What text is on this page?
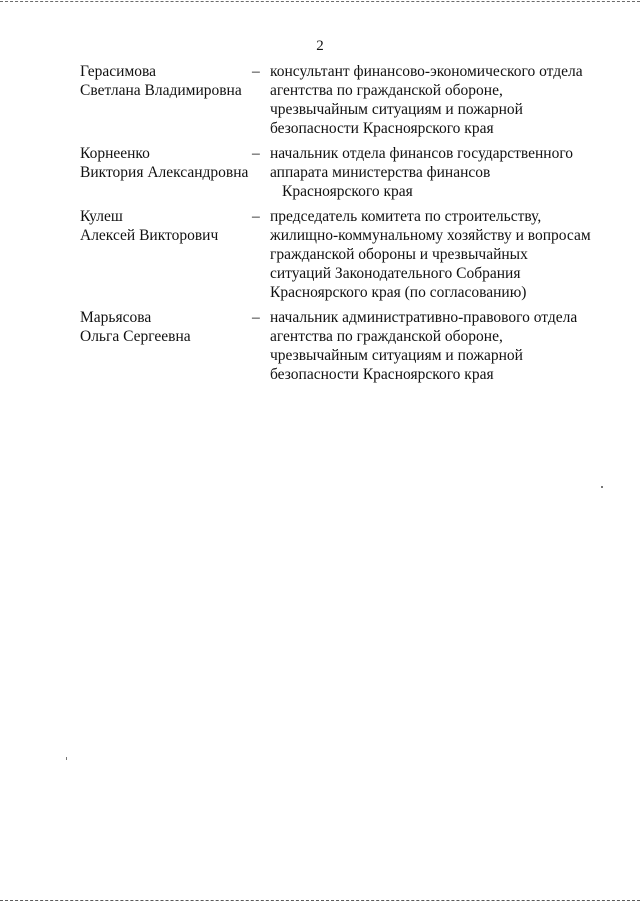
2
Герасимова
Светлана Владимировна
– консультант финансово-экономического отдела
агентства по гражданской обороне,
чрезвычайным ситуациям и пожарной
безопасности Красноярского края
Корнеенко
Виктория Александровна
– начальник отдела финансов государственного
аппарата министерства финансов
Красноярского края
Кулеш
Алексей Викторович
– председатель комитета по строительству,
жилищно-коммунальному хозяйству и вопросам
гражданской обороны и чрезвычайных
ситуаций Законодательного Собрания
Красноярского края (по согласованию)
Марьясова
Ольга Сергеевна
– начальник административно-правового отдела
агентства по гражданской обороне,
чрезвычайным ситуациям и пожарной
безопасности Красноярского края
